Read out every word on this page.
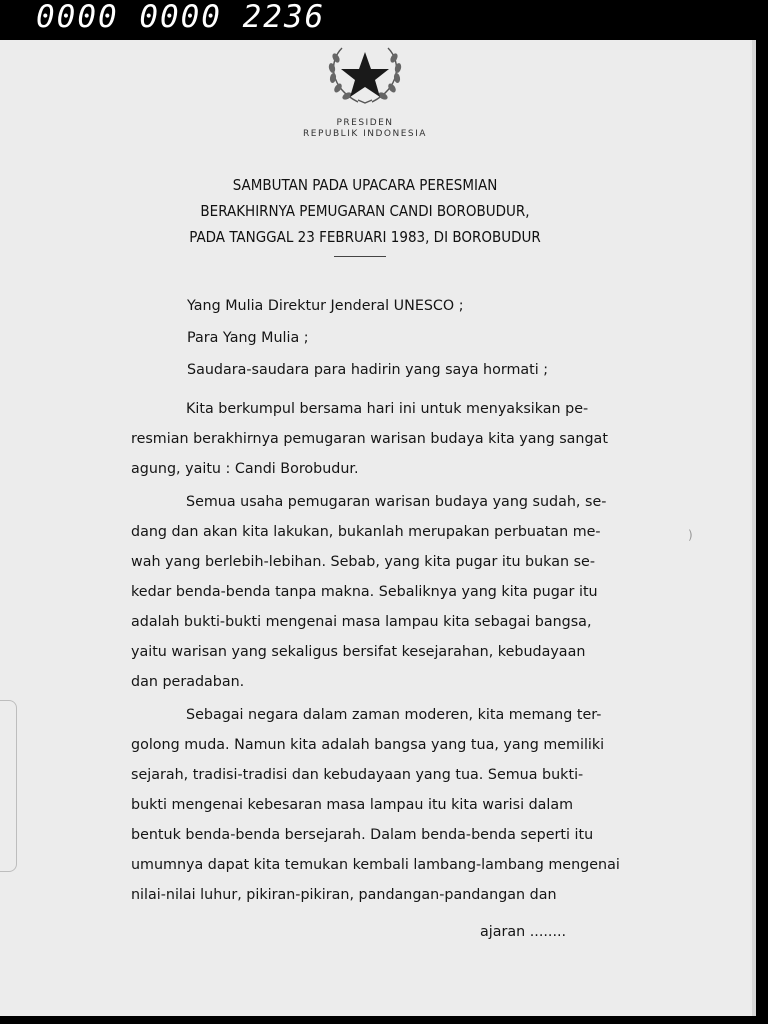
0000 0000 2236
)
PRESIDEN
REPUBLIK INDONESIA
SAMBUTAN PADA UPACARA PERESMIAN
BERAKHIRNYA PEMUGARAN CANDI BOROBUDUR,
PADA TANGGAL 23 FEBRUARI 1983, DI BOROBUDUR
Yang Mulia Direktur Jenderal UNESCO ;
Para Yang Mulia ;
Saudara-saudara para hadirin yang saya hormati ;
Kita berkumpul bersama hari ini untuk menyaksikan pe-
resmian berakhirnya pemugaran warisan budaya kita yang sangat
agung, yaitu : Candi Borobudur.
Semua usaha pemugaran warisan budaya yang sudah, se-
dang dan akan kita lakukan, bukanlah merupakan perbuatan me-
wah yang berlebih-lebihan. Sebab, yang kita pugar itu bukan se-
kedar benda-benda tanpa makna. Sebaliknya yang kita pugar itu
adalah bukti-bukti mengenai masa lampau kita sebagai bangsa,
yaitu warisan yang sekaligus bersifat kesejarahan, kebudayaan
dan peradaban.
Sebagai negara dalam zaman moderen, kita memang ter-
golong muda. Namun kita adalah bangsa yang tua, yang memiliki
sejarah, tradisi-tradisi dan kebudayaan yang tua. Semua bukti-
bukti mengenai kebesaran masa lampau itu kita warisi dalam
bentuk benda-benda bersejarah. Dalam benda-benda seperti itu
umumnya dapat kita temukan kembali lambang-lambang mengenai
nilai-nilai luhur, pikiran-pikiran, pandangan-pandangan dan
ajaran ........
